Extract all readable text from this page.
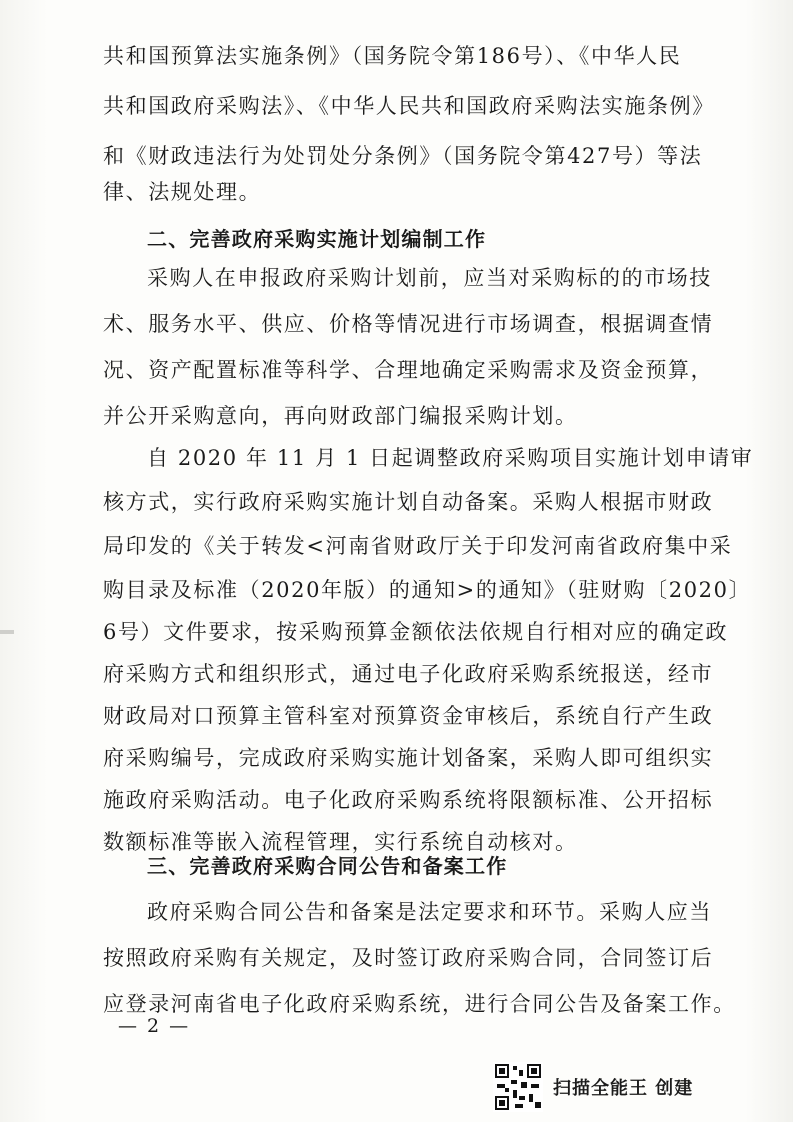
共和国预算法实施条例》（国务院令第186号）、《中华人民
共和国政府采购法》、《中华人民共和国政府采购法实施条例》
和《财政违法行为处罚处分条例》（国务院令第427号）等法
律、法规处理。
二、完善政府采购实施计划编制工作
采购人在申报政府采购计划前，应当对采购标的的市场技
术、服务水平、供应、价格等情况进行市场调查，根据调查情
况、资产配置标准等科学、合理地确定采购需求及资金预算，
并公开采购意向，再向财政部门编报采购计划。
自 2020 年 11 月 1 日起调整政府采购项目实施计划申请审
核方式，实行政府采购实施计划自动备案。采购人根据市财政
局印发的《关于转发<河南省财政厅关于印发河南省政府集中采
购目录及标准（2020年版）的通知>的通知》（驻财购〔2020〕
6号）文件要求，按采购预算金额依法依规自行相对应的确定政
府采购方式和组织形式，通过电子化政府采购系统报送，经市
财政局对口预算主管科室对预算资金审核后，系统自行产生政
府采购编号，完成政府采购实施计划备案，采购人即可组织实
施政府采购活动。电子化政府采购系统将限额标准、公开招标
数额标准等嵌入流程管理，实行系统自动核对。
— 2 —
扫描全能王 创建
三、完善政府采购合同公告和备案工作
政府采购合同公告和备案是法定要求和环节。采购人应当
按照政府采购有关规定，及时签订政府采购合同，合同签订后
应登录河南省电子化政府采购系统，进行合同公告及备案工作。
